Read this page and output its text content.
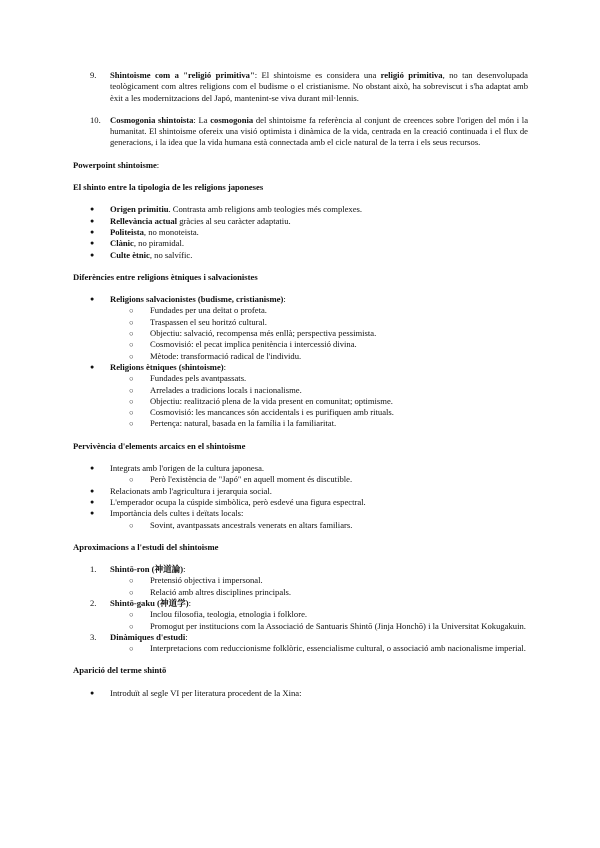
9. Shintoisme com a "religió primitiva": El shintoisme es considera una religió primitiva, no tan desenvolupada teològicament com altres religions com el budisme o el cristianisme. No obstant això, ha sobreviscut i s'ha adaptat amb èxit a les modernitzacions del Japó, mantenint-se viva durant mil·lennis.
10. Cosmogonia shintoista: La cosmogonia del shintoisme fa referència al conjunt de creences sobre l'origen del món i la humanitat. El shintoisme ofereix una visió optimista i dinàmica de la vida, centrada en la creació continuada i el flux de generacions, i la idea que la vida humana està connectada amb el cicle natural de la terra i els seus recursos.
Powerpoint shintoisme:
El shinto entre la tipologia de les religions japoneses
● Origen primitiu. Contrasta amb religions amb teologies més complexes.
● Rellevància actual gràcies al seu caràcter adaptatiu.
● Politeista, no monoteista.
● Clànic, no piramidal.
● Culte ètnic, no salvífic.
Diferències entre religions ètniques i salvacionistes
● Religions salvacionistes (budisme, cristianisme):
○ Fundades per una deïtat o profeta.
○ Traspassen el seu horitzó cultural.
○ Objectiu: salvació, recompensa més enllà; perspectiva pessimista.
○ Cosmovisió: el pecat implica penitència i intercessió divina.
○ Mètode: transformació radical de l'individu.
● Religions ètniques (shintoisme):
○ Fundades pels avantpassats.
○ Arrelades a tradicions locals i nacionalisme.
○ Objectiu: realització plena de la vida present en comunitat; optimisme.
○ Cosmovisió: les mancances són accidentals i es purifiquen amb rituals.
○ Pertença: natural, basada en la família i la familiaritat.
Pervivència d'elements arcaics en el shintoisme
● Integrats amb l'origen de la cultura japonesa.
○ Però l'existència de "Japó" en aquell moment és discutible.
● Relacionats amb l'agricultura i jerarquia social.
● L'emperador ocupa la cúspide simbòlica, però esdevé una figura espectral.
● Importància dels cultes i deïtats locals:
○ Sovint, avantpassats ancestrals venerats en altars familiars.
Aproximacions a l'estudi del shintoisme
1. Shintō-ron (神道論):
○ Pretensió objectiva i impersonal.
○ Relació amb altres disciplines principals.
2. Shintō-gaku (神道学):
○ Inclou filosofia, teologia, etnologia i folklore.
○ Promogut per institucions com la Associació de Santuaris Shintō (Jinja Honchō) i la Universitat Kokugakuin.
3. Dinàmiques d'estudi:
○ Interpretacions com reduccionisme folklòric, essencialisme cultural, o associació amb nacionalisme imperial.
Aparició del terme shintō
● Introduït al segle VI per literatura procedent de la Xina:
